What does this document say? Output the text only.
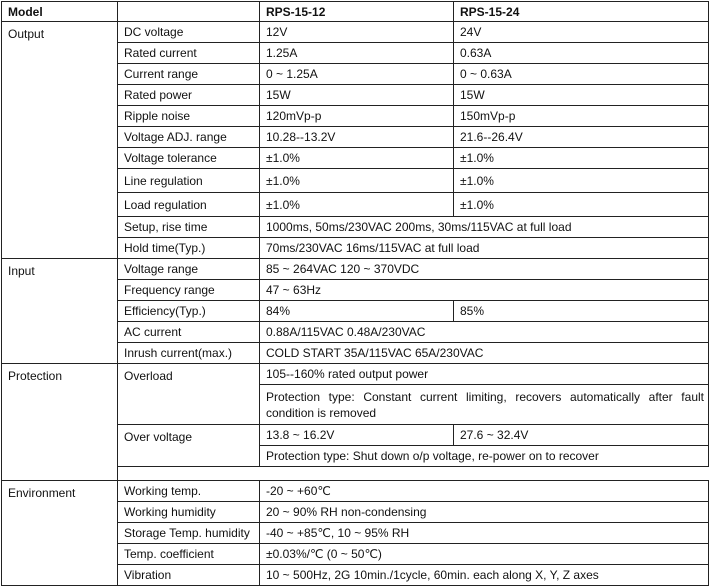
Model		RPS-15-12	RPS-15-24
Output	DC voltage	12V	24V
	Rated current	1.25A	0.63A
	Current range	0 ~ 1.25A	0 ~ 0.63A
	Rated power	15W	15W
	Ripple noise	120mVp-p	150mVp-p
	Voltage ADJ. range	10.28--13.2V	21.6--26.4V
	Voltage tolerance	±1.0%	±1.0%
	Line regulation	±1.0%	±1.0%
	Load regulation	±1.0%	±1.0%
	Setup, rise time	1000ms, 50ms/230VAC 200ms, 30ms/115VAC at full load	
	Hold time(Typ.)	70ms/230VAC 16ms/115VAC at full load	
Input	Voltage range	85 ~ 264VAC 120 ~ 370VDC	
	Frequency range	47 ~ 63Hz	
	Efficiency(Typ.)	84%	85%
	AC current	0.88A/115VAC 0.48A/230VAC	
	Inrush current(max.)	COLD START 35A/115VAC 65A/230VAC	
Protection	Overload	105--160% rated output power	
		Protection type: Constant current limiting, recovers automatically after fault condition is removed	
	Over voltage	13.8 ~ 16.2V	27.6 ~ 32.4V
		Protection type: Shut down o/p voltage, re-power on to recover	

Environment	Working temp.	-20 ~ +60℃	
	Working humidity	20 ~ 90% RH non-condensing	
	Storage Temp. humidity	-40 ~ +85℃, 10 ~ 95% RH	
	Temp. coefficient	±0.03%/℃ (0 ~ 50℃)	
	Vibration	10 ~ 500Hz, 2G 10min./1cycle, 60min. each along X, Y, Z axes	
